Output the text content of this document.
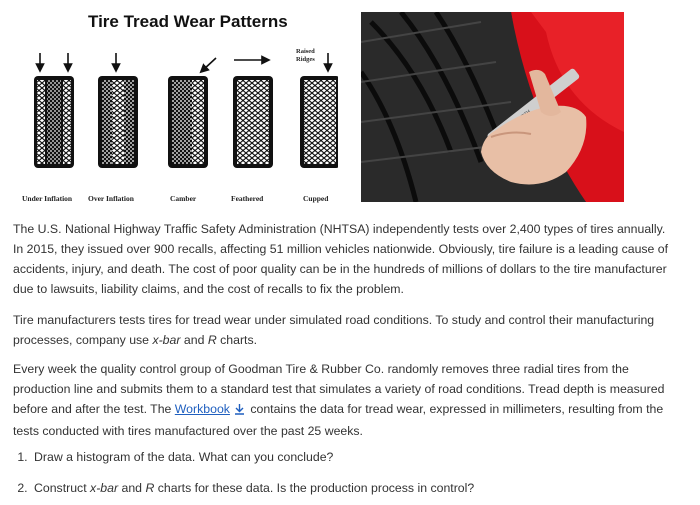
Raised
Ridges
Tire Tread Wear Patterns
Under Inflation Over Inflation	Camber	Feathered	Cupped

The U.S. National Highway Traffic Safety Administration (NHTSA) independently tests over 2,400 types of tires annually. In 2015, they issued over 900 recalls, affecting 51 million vehicles nationwide. Obviously, tire failure is a leading cause of accidents, injury, and death. The cost of poor quality can be in the hundreds of millions of dollars to the tire manufacturer due to lawsuits, liability claims, and the cost of recalls to fix the problem.

Tire manufacturers tests tires for tread wear under simulated road conditions. To study and control their manufacturing processes, company use x-bar and R charts.

Every week the quality control group of Goodman Tire & Rubber Co. randomly removes three radial tires from the production line and submits them to a standard test that simulates a variety of road conditions. Tread depth is measured before and after the test. The Workbook contains the data for tread wear, expressed in millimeters, resulting from the tests conducted with tires manufactured over the past 25 weeks.

1. Draw a histogram of the data. What can you conclude?
2. Construct x-bar and R charts for these data. Is the production process in control?
